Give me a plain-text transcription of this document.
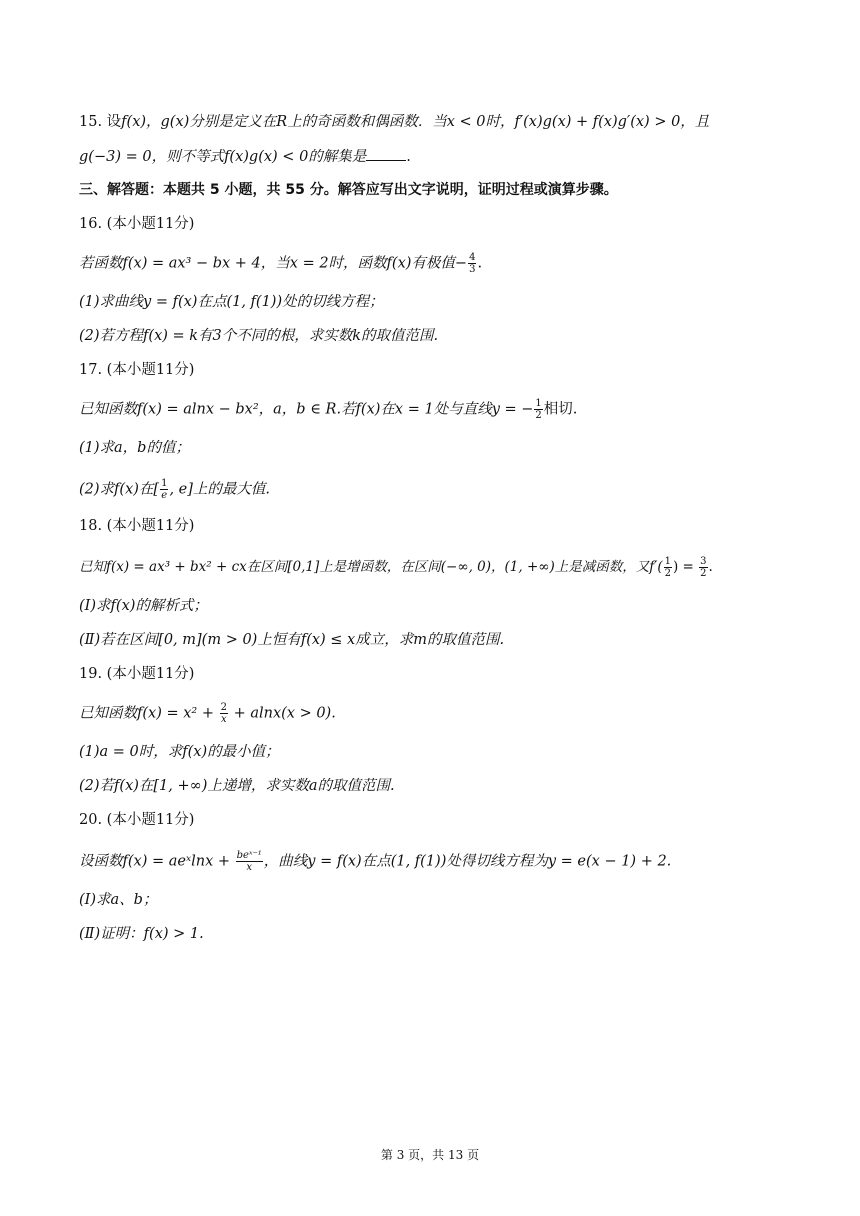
15. 设f(x)，g(x)分别是定义在R上的奇函数和偶函数．当x < 0时，f′(x)g(x) + f(x)g′(x) > 0，且
g(−3) = 0，则不等式f(x)g(x) < 0的解集是	.
三、解答题：本题共 5 小题，共 55 分。解答应写出文字说明，证明过程或演算步骤。
16. (本小题11分)
若函数f(x) = ax³ − bx + 4，当x = 2时，函数f(x)有极值− $\frac{4}{3}$ .
(1)求曲线y = f(x)在点(1, f(1))处的切线方程；
(2)若方程f(x) = k有3个不同的根，求实数k的取值范围.
17. (本小题11分)
已知函数f(x) = alnx − bx²，a，b ∈ R.若f(x)在x = 1处与直线y = − $\frac{1}{2}$ 相切.
(1)求a，b的值；
(2)求f(x)在[ $\frac{1}{e}$ , e]上的最大值.
18. (本小题11分)
已知f(x) = ax³ + bx² + cx在区间[0,1]上是增函数，在区间(−∞, 0)，(1, +∞)上是减函数，又$f'( \frac{1}{2}$ ) = $\frac{3}{2}$ .
(Ⅰ)求f(x)的解析式；
(Ⅱ)若在区间[0, m](m > 0)上恒有f(x) ≤ x成立，求m的取值范围.
19. (本小题11分)
已知函数$f(x) = x^2 + \frac{2}{x} + alnx(x > 0)$.
(1)a = 0时，求f(x)的最小值；
(2)若f(x)在[1, +∞)上递增，求实数a的取值范围.
20. (本小题11分)
设函数f(x) = aeˣlnx + $\frac{\text{beˣ⁻¹}}{x}$ ，曲线y = f(x)在点(1, f(1))处得切线方程为y = e(x − 1) + 2.
(Ⅰ)求a、b；
(Ⅱ)证明：f(x) > 1.
第 3 页，共 13 页
